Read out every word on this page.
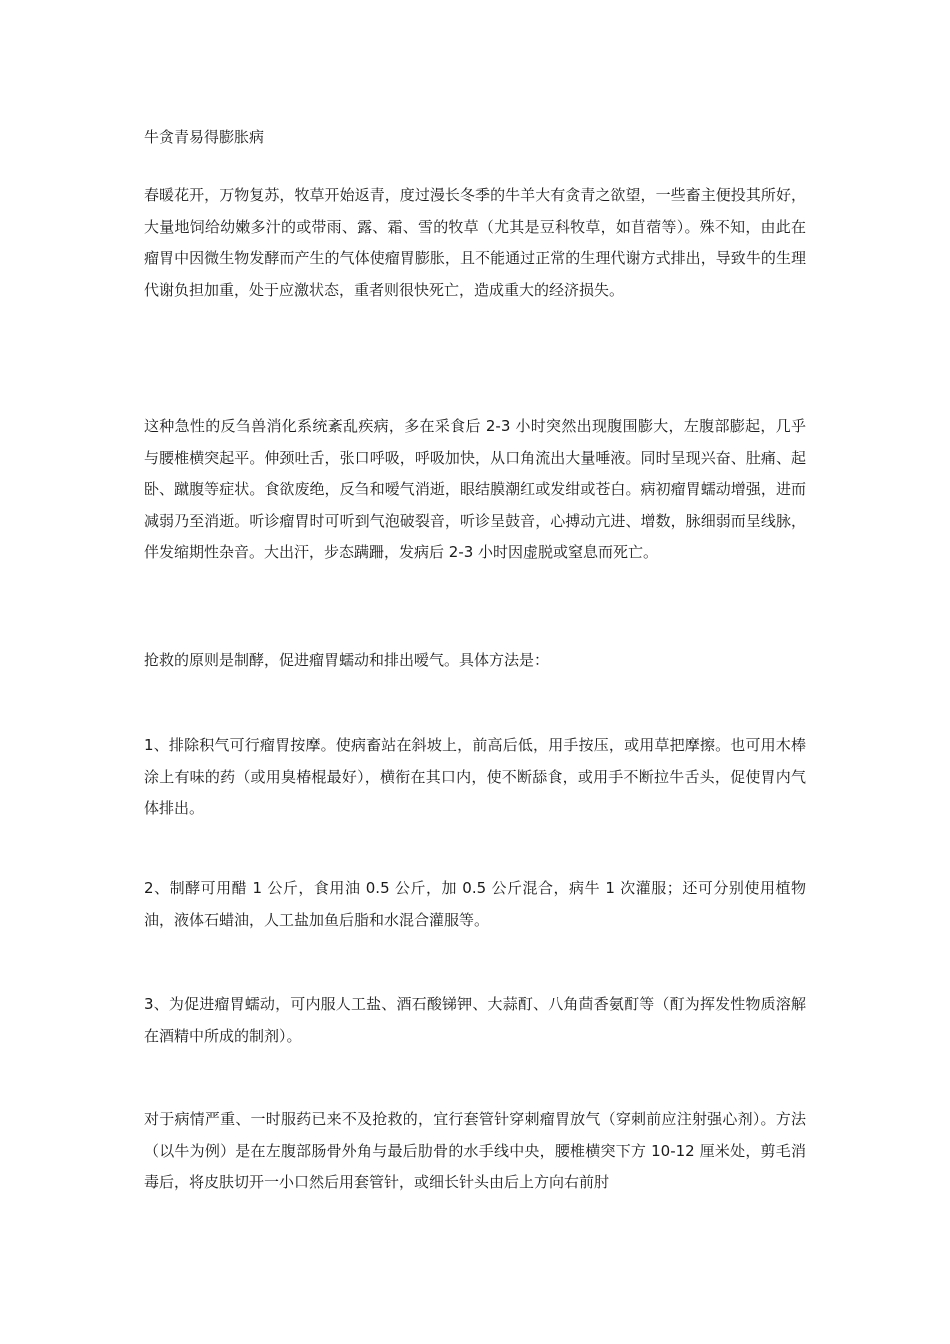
牛贪青易得膨胀病

春暖花开，万物复苏，牧草开始返青，度过漫长冬季的牛羊大有贪青之欲望，一些畜主便投其所好，大量地饲给幼嫩多汁的或带雨、露、霜、雪的牧草（尤其是豆科牧草，如苜蓿等）。殊不知，由此在瘤胃中因微生物发酵而产生的气体使瘤胃膨胀，且不能通过正常的生理代谢方式排出，导致牛的生理代谢负担加重，处于应激状态，重者则很快死亡，造成重大的经济损失。

这种急性的反刍兽消化系统紊乱疾病，多在采食后 2-3 小时突然出现腹围膨大，左腹部膨起，几乎与腰椎横突起平。伸颈吐舌，张口呼吸，呼吸加快，从口角流出大量唾液。同时呈现兴奋、肚痛、起卧、蹴腹等症状。食欲废绝，反刍和嗳气消逝，眼结膜潮红或发绀或苍白。病初瘤胃蠕动增强，进而减弱乃至消逝。听诊瘤胃时可听到气泡破裂音，听诊呈鼓音，心搏动亢进、增数，脉细弱而呈线脉，伴发缩期性杂音。大出汗，步态蹒跚，发病后 2-3 小时因虚脱或窒息而死亡。

抢救的原则是制酵，促进瘤胃蠕动和排出嗳气。具体方法是：

1、排除积气可行瘤胃按摩。使病畜站在斜坡上，前高后低，用手按压，或用草把摩擦。也可用木棒涂上有味的药（或用臭椿棍最好），横衔在其口内，使不断舔食，或用手不断拉牛舌头，促使胃内气体排出。

2、制酵可用醋 1 公斤，食用油 0.5 公斤，加 0.5 公斤混合，病牛 1 次灌服；还可分别使用植物油，液体石蜡油，人工盐加鱼后脂和水混合灌服等。

3、为促进瘤胃蠕动，可内服人工盐、酒石酸锑钾、大蒜酊、八角茴香氨酊等（酊为挥发性物质溶解在酒精中所成的制剂）。

对于病情严重、一时服药已来不及抢救的，宜行套管针穿刺瘤胃放气（穿刺前应注射强心剂）。方法（以牛为例）是在左腹部肠骨外角与最后肋骨的水手线中央，腰椎横突下方 10-12 厘米处，剪毛消毒后，将皮肤切开一小口然后用套管针，或细长针头由后上方向右前肘
